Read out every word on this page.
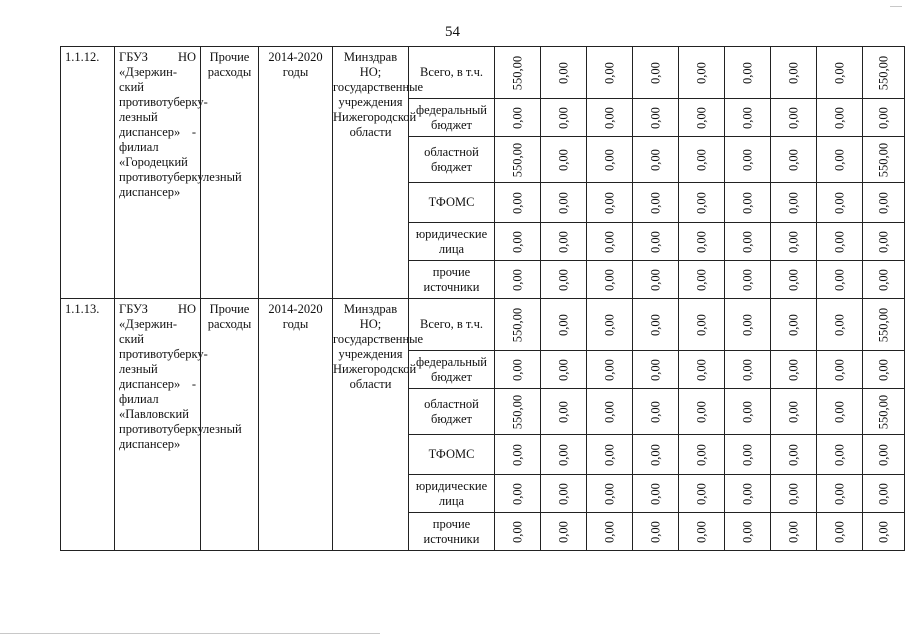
54
1.1.12.	ГБУЗ НО «Дзержин-ский противотуберку-лезный диспансер» - филиал «Городецкий противотуберкулезный диспансер»	Прочие расходы	2014-2020 годы	Минздрав НО; государственные учреждения Нижегородской области	Всего, в т.ч.	550,00	0,00	0,00	0,00	0,00	0,00	0,00	0,00	550,00

					федеральный бюджет	0,00	0,00	0,00	0,00	0,00	0,00	0,00	0,00	0,00

					областной бюджет	550,00	0,00	0,00	0,00	0,00	0,00	0,00	0,00	550,00

					ТФОМС	0,00	0,00	0,00	0,00	0,00	0,00	0,00	0,00	0,00

					юридические лица	0,00	0,00	0,00	0,00	0,00	0,00	0,00	0,00	0,00

					прочие источники	0,00	0,00	0,00	0,00	0,00	0,00	0,00	0,00	0,00

1.1.13.	ГБУЗ НО «Дзержин-ский противотуберку-лезный диспансер» - филиал «Павловский противотуберкулезный диспансер»	Прочие расходы	2014-2020 годы	Минздрав НО; государственные учреждения Нижегородской области	Всего, в т.ч.	550,00	0,00	0,00	0,00	0,00	0,00	0,00	0,00	550,00

					федеральный бюджет	0,00	0,00	0,00	0,00	0,00	0,00	0,00	0,00	0,00

					областной бюджет	550,00	0,00	0,00	0,00	0,00	0,00	0,00	0,00	550,00

					ТФОМС	0,00	0,00	0,00	0,00	0,00	0,00	0,00	0,00	0,00

					юридические лица	0,00	0,00	0,00	0,00	0,00	0,00	0,00	0,00	0,00

					прочие источники	0,00	0,00	0,00	0,00	0,00	0,00	0,00	0,00	0,00
